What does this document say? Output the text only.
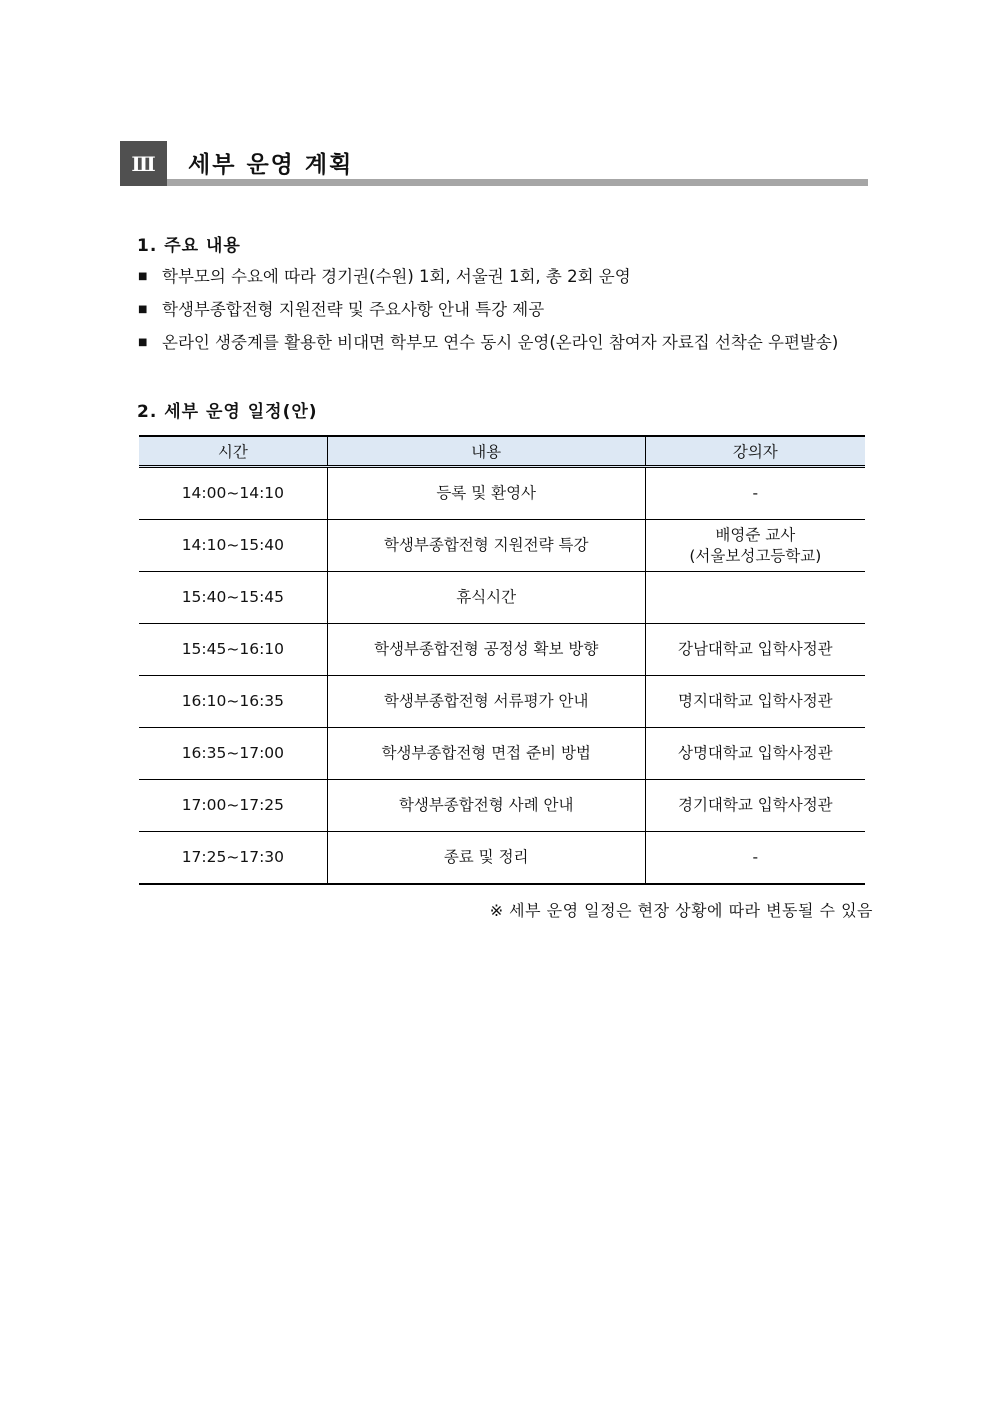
Ⅲ	세부 운영 계획
1. 주요 내용
■ 학부모의 수요에 따라 경기권(수원) 1회, 서울권 1회, 총 2회 운영
■ 학생부종합전형 지원전략 및 주요사항 안내 특강 제공
■ 온라인 생중계를 활용한 비대면 학부모 연수 동시 운영(온라인 참여자 자료집 선착순 우편발송)
2. 세부 운영 일정(안)
시간	내용	강의자
14:00~14:10	등록 및 환영사	-
14:10~15:40	학생부종합전형 지원전략 특강	배영준 교사
(서울보성고등학교)

15:40~15:45	휴식시간	
15:45~16:10	학생부종합전형 공정성 확보 방향	강남대학교 입학사정관
16:10~16:35	학생부종합전형 서류평가 안내	명지대학교 입학사정관
16:35~17:00	학생부종합전형 면접 준비 방법	상명대학교 입학사정관
17:00~17:25	학생부종합전형 사례 안내	경기대학교 입학사정관
17:25~17:30	종료 및 정리	-
※ 세부 운영 일정은 현장 상황에 따라 변동될 수 있음
